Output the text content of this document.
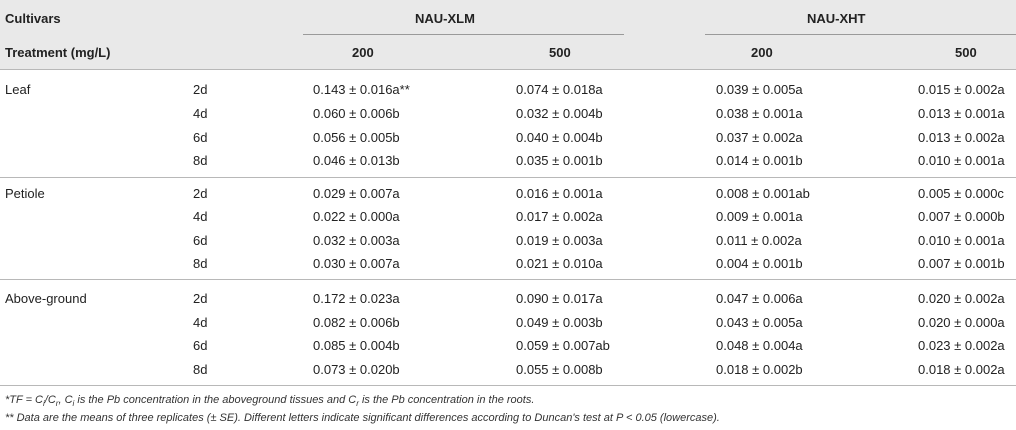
Cultivars
Treatment (mg/L)
NAU-XLM	NAU-XHT
200	500	200	500
Leaf	2d	0.143 ± 0.016a**	0.074 ± 0.018a	0.039 ± 0.005a	0.015 ± 0.002a
4d	0.060 ± 0.006b	0.032 ± 0.004b	0.038 ± 0.001a	0.013 ± 0.001a
6d	0.056 ± 0.005b	0.040 ± 0.004b	0.037 ± 0.002a	0.013 ± 0.002a
8d	0.046 ± 0.013b	0.035 ± 0.001b	0.014 ± 0.001b	0.010 ± 0.001a
Petiole	2d	0.029 ± 0.007a	0.016 ± 0.001a	0.008 ± 0.001ab	0.005 ± 0.000c
4d	0.022 ± 0.000a	0.017 ± 0.002a	0.009 ± 0.001a	0.007 ± 0.000b
6d	0.032 ± 0.003a	0.019 ± 0.003a	0.011 ± 0.002a	0.010 ± 0.001a
8d	0.030 ± 0.007a	0.021 ± 0.010a	0.004 ± 0.001b	0.007 ± 0.001b
Above-ground	2d	0.172 ± 0.023a	0.090 ± 0.017a	0.047 ± 0.006a	0.020 ± 0.002a
4d	0.082 ± 0.006b	0.049 ± 0.003b	0.043 ± 0.005a	0.020 ± 0.000a
6d	0.085 ± 0.004b	0.059 ± 0.007ab	0.048 ± 0.004a	0.023 ± 0.002a
8d	0.073 ± 0.020b	0.055 ± 0.008b	0.018 ± 0.002b	0.018 ± 0.002a
$*TF = C_i/C_r$, $C_i$ is the Pb concentration in the aboveground tissues and $C_r$ is the Pb concentration in the roots.
** Data are the means of three replicates (± SE). Different letters indicate significant differences according to Duncan's test at P < 0.05 (lowercase).
